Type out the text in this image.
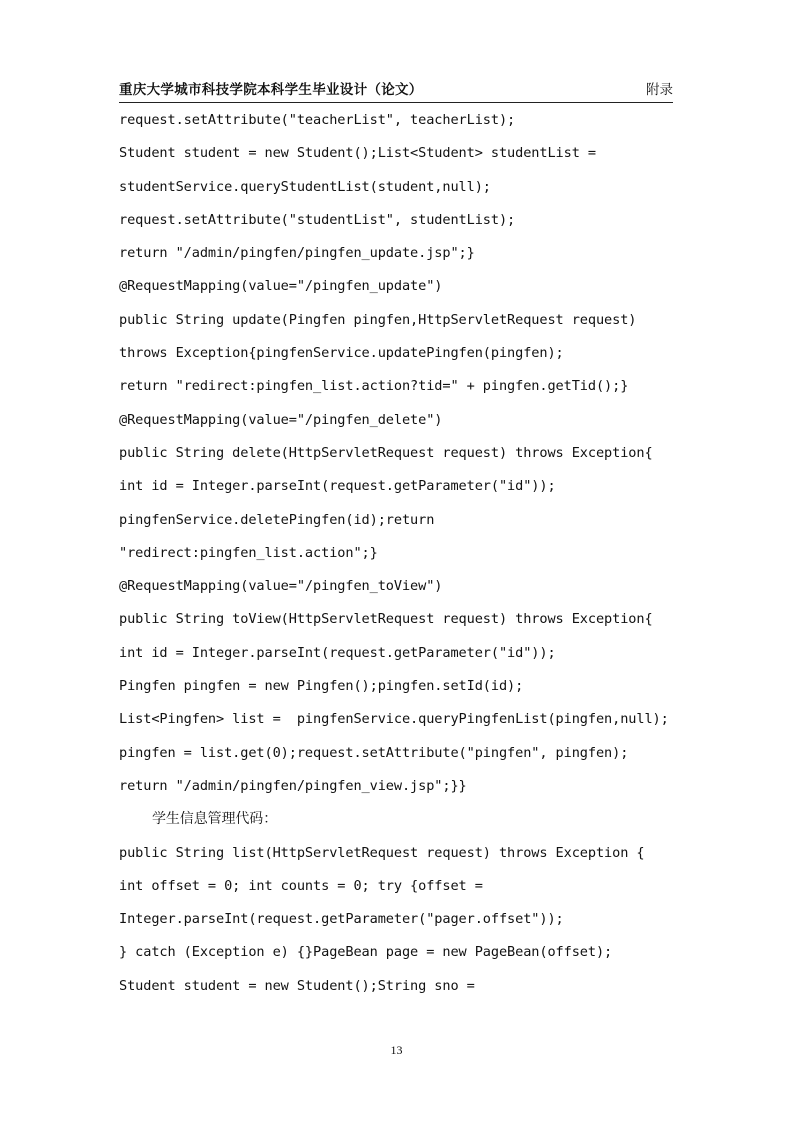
重庆大学城市科技学院本科学生毕业设计（论文）	附录
request.setAttribute("teacherList", teacherList);
Student student = new Student();List<Student> studentList =
studentService.queryStudentList(student,null);
request.setAttribute("studentList", studentList);
return "/admin/pingfen/pingfen_update.jsp";}
@RequestMapping(value="/pingfen_update")
public String update(Pingfen pingfen,HttpServletRequest request)
throws Exception{pingfenService.updatePingfen(pingfen);
return "redirect:pingfen_list.action?tid=" + pingfen.getTid();}
@RequestMapping(value="/pingfen_delete")
public String delete(HttpServletRequest request) throws Exception{
int id = Integer.parseInt(request.getParameter("id"));
pingfenService.deletePingfen(id);return
"redirect:pingfen_list.action";}
@RequestMapping(value="/pingfen_toView")
public String toView(HttpServletRequest request) throws Exception{
int id = Integer.parseInt(request.getParameter("id"));
Pingfen pingfen = new Pingfen();pingfen.setId(id);
List<Pingfen> list =  pingfenService.queryPingfenList(pingfen,null);
pingfen = list.get(0);request.setAttribute("pingfen", pingfen);
return "/admin/pingfen/pingfen_view.jsp";}}
学生信息管理代码：
public String list(HttpServletRequest request) throws Exception {
int offset = 0; int counts = 0; try {offset =
Integer.parseInt(request.getParameter("pager.offset"));
} catch (Exception e) {}PageBean page = new PageBean(offset);
Student student = new Student();String sno =
13
